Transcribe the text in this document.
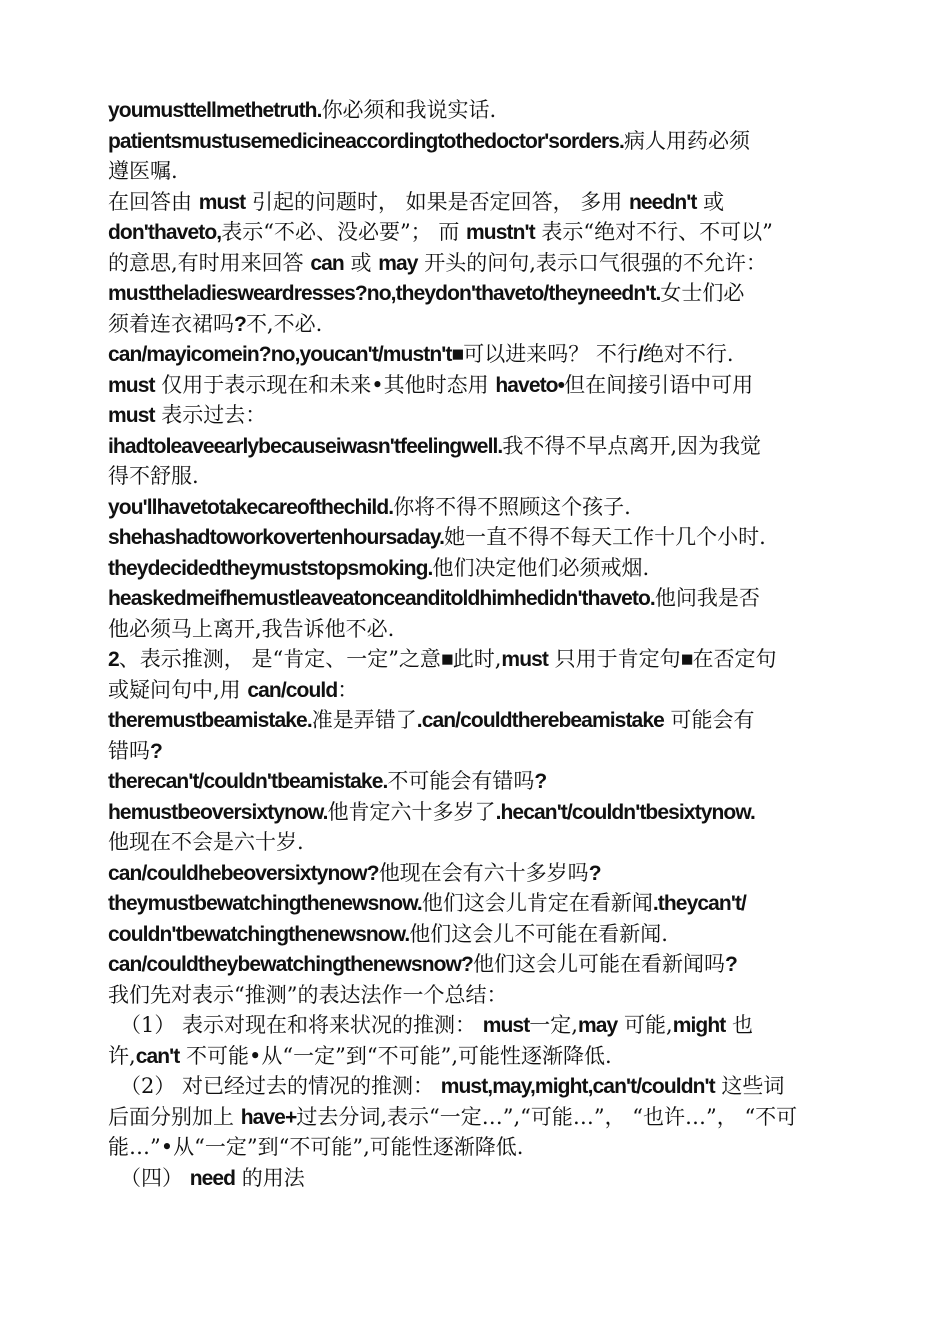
youmusttellmethetruth.你必须和我说实话.
patientsmustusemedicineaccordingtothedoctor'sorders.病人用药必须
遵医嘱.
在回答由 must 引起的问题时， 如果是否定回答， 多用 needn't 或
don'thaveto,表示“不必、没必要”； 而 mustn't 表示“绝对不行、不可以”
的意思,有时用来回答 can 或 may 开头的问句,表示口气很强的不允许：
musttheladiesweardresses?no,theydon'thaveto/theyneedn't.女士们必
须着连衣裙吗?不,不必.
can/mayicomein?no,youcan't/mustn't■可以进来吗？ 不行/绝对不行.
must 仅用于表示现在和未来•其他时态用 haveto•但在间接引语中可用
must 表示过去：
ihadtoleaveearlybecauseiwasn'tfeelingwell.我不得不早点离开,因为我觉
得不舒服.
you'llhavetotakecareofthechild.你将不得不照顾这个孩子.
shehashadtoworkovertenhoursaday.她一直不得不每天工作十几个小时.
theydecidedtheymuststopsmoking.他们决定他们必须戒烟.
heaskedmeifhemustleaveatonceanditoldhimhedidn'thaveto.他问我是否
他必须马上离开,我告诉他不必.
2、表示推测， 是“肯定、一定”之意■此时,must 只用于肯定句■在否定句
或疑问句中,用 can/could：
theremustbeamistake.准是弄错了.can/couldtherebeamistake 可能会有
错吗?
therecan't/couldn'tbeamistake.不可能会有错吗?
hemustbeoversixtynow.他肯定六十多岁了.hecan't/couldn'tbesixtynow.
他现在不会是六十岁.
can/couldhebeoversixtynow?他现在会有六十多岁吗?
theymustbewatchingthenewsnow.他们这会儿肯定在看新闻.theycan't/
couldn'tbewatchingthenewsnow.他们这会儿不可能在看新闻.
can/couldtheybewatchingthenewsnow?他们这会儿可能在看新闻吗?
我们先对表示“推测”的表达法作一个总结：
（1） 表示对现在和将来状况的推测： must一定,may 可能,might 也
许,can't 不可能•从“一定”到“不可能”,可能性逐渐降低.
（2） 对已经过去的情况的推测： must,may,might,can't/couldn't 这些词
后面分别加上 have+过去分词,表示“一定…”,“可能…”， “也许…”， “不可
能…”•从“一定”到“不可能”,可能性逐渐降低.
（四） need 的用法
